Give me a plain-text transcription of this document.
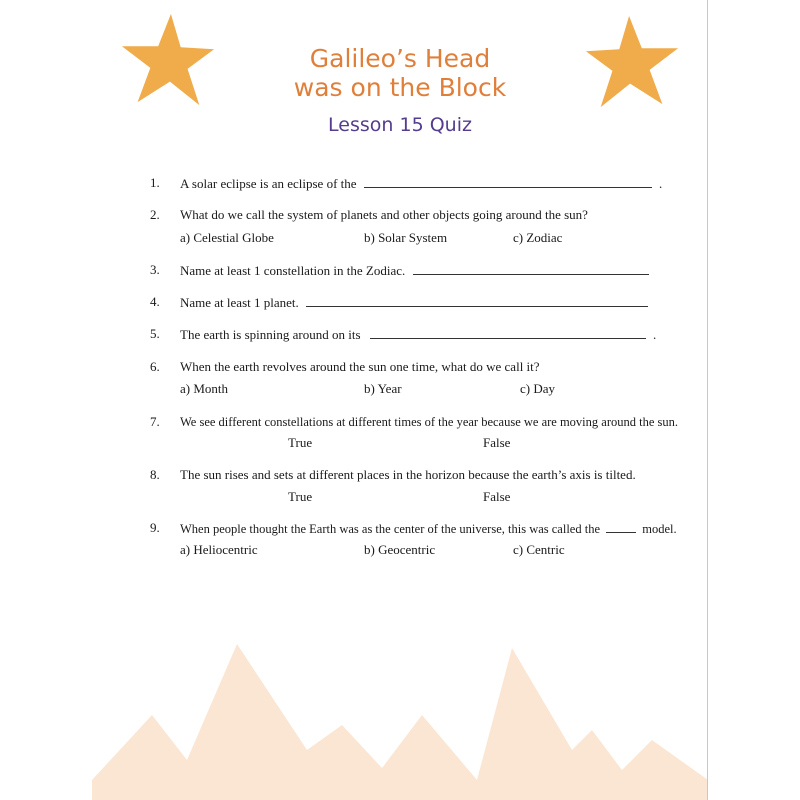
Galileo’s Head
was on the Block
Lesson 15 Quiz
1. A solar eclipse is an eclipse of the	.
2. What do we call the system of planets and other objects going around the sun?
a) Celestial Globe	b) Solar System	c) Zodiac
3. Name at least 1 constellation in the Zodiac.
4. Name at least 1 planet.
5. The earth is spinning around on its	.
6. When the earth revolves around the sun one time, what do we call it?
a) Month	b) Year	c) Day
7. We see different constellations at different times of the year because we are moving around the sun.
True	False
8. The sun rises and sets at different places in the horizon because the earth’s axis is tilted.
True	False
9. When people thought the Earth was as the center of the universe, this was called the	model.
a) Heliocentric	b) Geocentric	c) Centric
